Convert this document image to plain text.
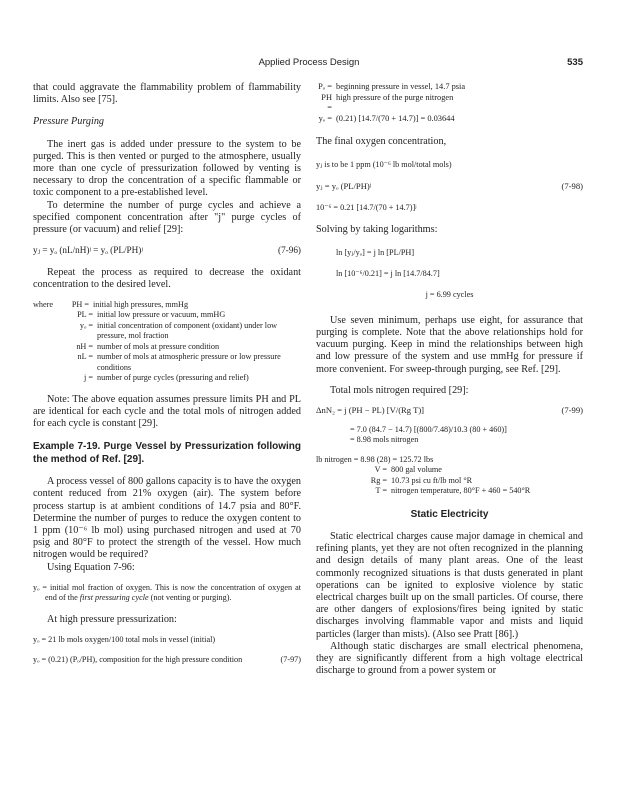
Applied Process Design	535

that could aggravate the flammability problem of flammability limits. Also see [75].

Pressure Purging

The inert gas is added under pressure to the system to be purged. This is then vented or purged to the atmosphere, usually more than one cycle of pressurization followed by venting is necessary to drop the concentration of a specific flammable or toxic component to a pre-established level.

To determine the number of purge cycles and achieve a specified component concentration after "j" purge cycles of pressure (or vacuum) and relief [29]:

yⱼ = yₒ (nL/nH)ʲ = yₒ (PL/PH)ʲ	(7-96)

Repeat the process as required to decrease the oxidant concentration to the desired level.

where	PH = initial high pressures, mmHg
PL = initial low pressure or vacuum, mmHG
yₒ = initial concentration of component (oxidant) under low pressure, mol fraction
nH = number of mols at pressure condition
nL = number of mols at atmospheric pressure or low pressure conditions
j = number of purge cycles (pressuring and relief)

Note: The above equation assumes pressure limits PH and PL are identical for each cycle and the total mols of nitrogen added for each cycle is constant [29].

Example 7-19. Purge Vessel by Pressurization following the method of Ref. [29].

A process vessel of 800 gallons capacity is to have the oxygen content reduced from 21% oxygen (air). The system before process startup is at ambient conditions of 14.7 psia and 80°F. Determine the number of purges to reduce the oxygen content to 1 ppm (10⁻⁶ lb mol) using purchased nitrogen and used at 70 psig and 80°F to protect the strength of the vessel. How much nitrogen would be required?

Using Equation 7-96:

yₒ = initial mol fraction of oxygen. This is now the concentration of oxygen at end of the first pressuring cycle (not venting or purging).

At high pressure pressurization:

yₒ = 21 lb mols oxygen/100 total mols in vessel (initial)

yₒ = (0.21) (Pₒ/PH), composition for the high pressure condition	(7-97)
Pₒ = beginning pressure in vessel, 14.7 psia
PH =
high pressure of the purge nitrogen
yₒ = (0.21) [14.7/(70 + 14.7)] = 0.03644

The final oxygen concentration,

yⱼ is to be 1 ppm (10⁻⁶ lb mol/total mols)

yⱼ = yₒ (PL/PH)ʲ	(7-98)

10⁻⁶ = 0.21 [14.7/(70 + 14.7)]ʲ

Solving by taking logarithms:

ln [yⱼ/yₒ] = j ln [PL/PH]

ln [10⁻⁶/0.21] = j ln [14.7/84.7]

j = 6.99 cycles

Use seven minimum, perhaps use eight, for assurance that purging is complete. Note that the above relationships hold for vacuum purging. Keep in mind the relationships between high and low pressure of the system and use mmHg for pressure if more convenient. For sweep-through purging, see Ref. [29].

Total mols nitrogen required [29]:

ΔnN₂ = j (PH − PL) [V/(Rg T)]	(7-99)

= 7.0 (84.7 − 14.7) [(800/7.48)/10.3 (80 + 460)]

= 8.98 mols nitrogen

lb nitrogen = 8.98 (28) = 125.72 lbs

V = 800 gal volume
Rg = 10.73 psi cu ft/lb mol °R
T = nitrogen temperature, 80°F + 460 = 540°R

Static Electricity

Static electrical charges cause major damage in chemical and refining plants, yet they are not often recognized in the planning and design details of many plant areas. One of the least commonly recognized situations is that dusts generated in plant operations can be ignited to explosive violence by static electrical charges built up on the small particles. Of course, there are other dangers of explosions/fires being ignited by static discharges involving flammable vapor and mists and liquid particles (larger than mists). (Also see Pratt [86].)

Although static discharges are small electrical phenomena, they are significantly different from a high voltage electrical discharge to ground from a power system or
